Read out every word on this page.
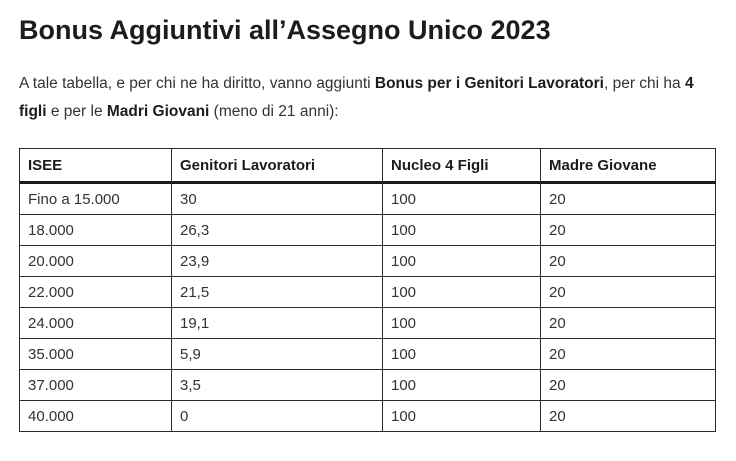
Bonus Aggiuntivi all’Assegno Unico 2023

A tale tabella, e per chi ne ha diritto, vanno aggiunti Bonus per i Genitori Lavoratori, per chi ha 4 figli e per le Madri Giovani (meno di 21 anni):

ISEE	Genitori Lavoratori	Nucleo 4 Figli	Madre Giovane
Fino a 15.000	30	100	20
18.000	26,3	100	20
20.000	23,9	100	20
22.000	21,5	100	20
24.000	19,1	100	20
35.000	5,9	100	20
37.000	3,5	100	20
40.000	0	100	20
